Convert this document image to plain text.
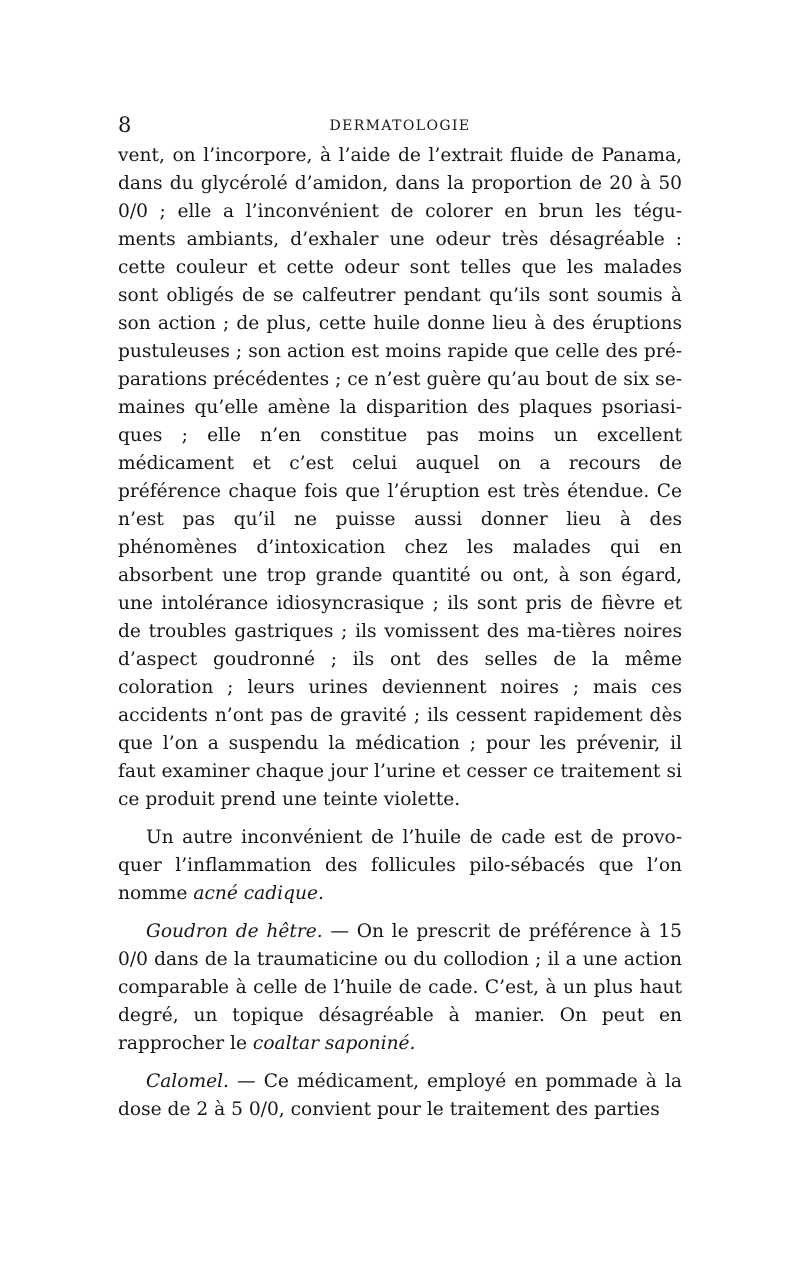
8	DERMATOLOGIE

vent, on l’incorpore, à l’aide de l’extrait fluide de Panama, dans du glycérolé d’amidon, dans la proportion de 20 à 50 0/0 ; elle a l’inconvénient de colorer en brun les tégu-ments ambiants, d’exhaler une odeur très désagréable : cette couleur et cette odeur sont telles que les malades sont obligés de se calfeutrer pendant qu’ils sont soumis à son action ; de plus, cette huile donne lieu à des éruptions pustuleuses ; son action est moins rapide que celle des pré-parations précédentes ; ce n’est guère qu’au bout de six se-maines qu’elle amène la disparition des plaques psoriasi-ques ; elle n’en constitue pas moins un excellent médicament et c’est celui auquel on a recours de préférence chaque fois que l’éruption est très étendue. Ce n’est pas qu’il ne puisse aussi donner lieu à des phénomènes d’intoxication chez les malades qui en absorbent une trop grande quantité ou ont, à son égard, une intolérance idiosyncrasique ; ils sont pris de fièvre et de troubles gastriques ; ils vomissent des ma-tières noires d’aspect goudronné ; ils ont des selles de la même coloration ; leurs urines deviennent noires ; mais ces accidents n’ont pas de gravité ; ils cessent rapidement dès que l’on a suspendu la médication ; pour les prévenir, il faut examiner chaque jour l’urine et cesser ce traitement si ce produit prend une teinte violette.

Un autre inconvénient de l’huile de cade est de provo-quer l’inflammation des follicules pilo-sébacés que l’on nomme acné cadique.

Goudron de hêtre. — On le prescrit de préférence à 15 0/0 dans de la traumaticine ou du collodion ; il a une action comparable à celle de l’huile de cade. C’est, à un plus haut degré, un topique désagréable à manier. On peut en rapprocher le coaltar saponiné.

Calomel. — Ce médicament, employé en pommade à la dose de 2 à 5 0/0, convient pour le traitement des parties
